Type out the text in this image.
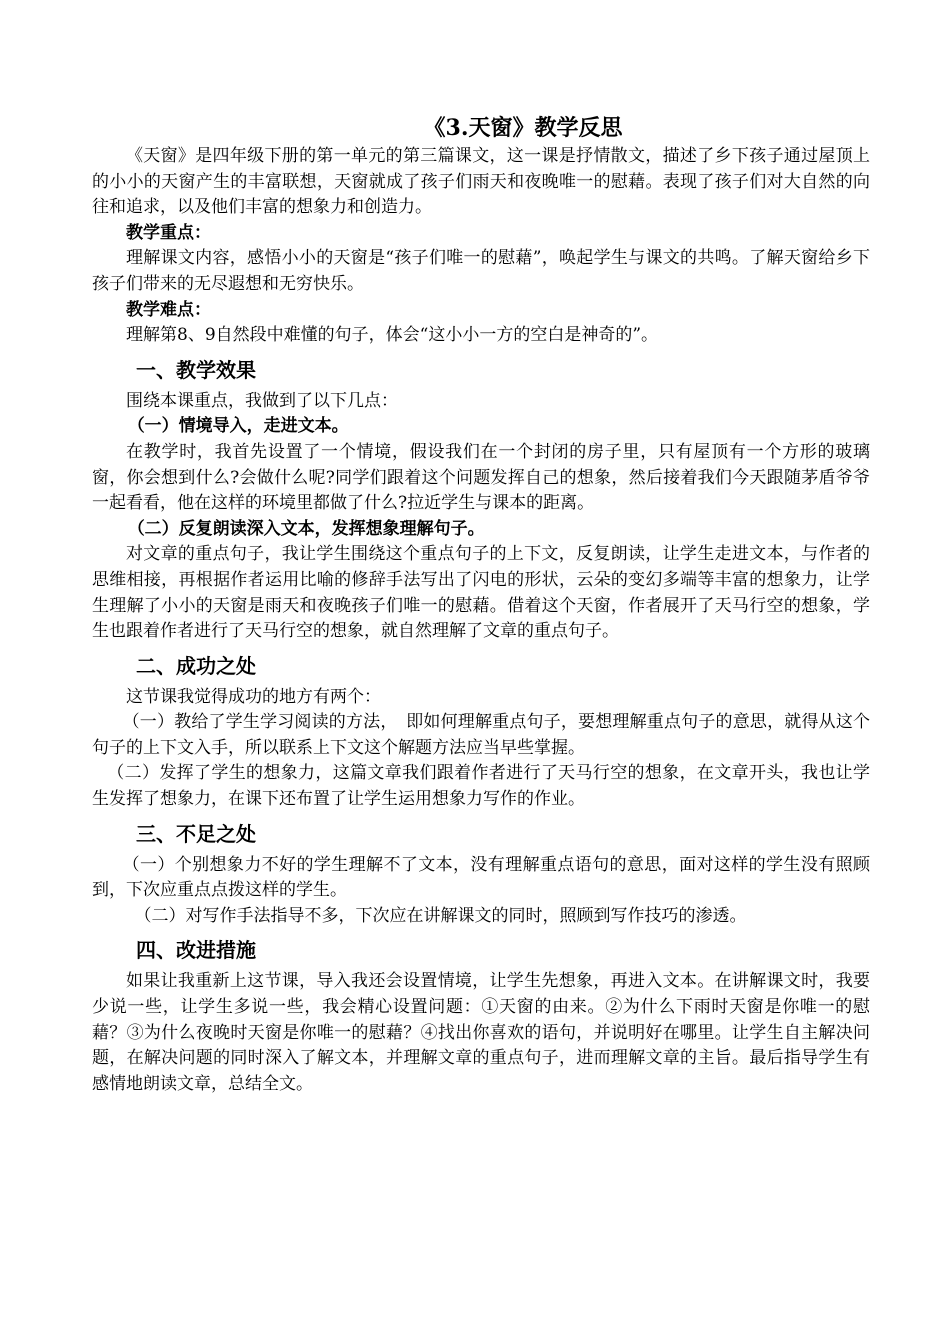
《3.天窗》教学反思

《天窗》是四年级下册的第一单元的第三篇课文，这一课是抒情散文，描述了乡下孩子通过屋顶上的小小的天窗产生的丰富联想，天窗就成了孩子们雨天和夜晚唯一的慰藉。表现了孩子们对大自然的向往和追求，以及他们丰富的想象力和创造力。

教学重点：

理解课文内容，感悟小小的天窗是“孩子们唯一的慰藉”，唤起学生与课文的共鸣。了解天窗给乡下孩子们带来的无尽遐想和无穷快乐。

教学难点：

理解第8、9自然段中难懂的句子，体会“这小小一方的空白是神奇的”。

一、教学效果

围绕本课重点，我做到了以下几点：

（一）情境导入，走进文本。

在教学时，我首先设置了一个情境，假设我们在一个封闭的房子里，只有屋顶有一个方形的玻璃窗，你会想到什么?会做什么呢?同学们跟着这个问题发挥自己的想象，然后接着我们今天跟随茅盾爷爷一起看看，他在这样的环境里都做了什么?拉近学生与课本的距离。

（二）反复朗读深入文本，发挥想象理解句子。

对文章的重点句子，我让学生围绕这个重点句子的上下文，反复朗读，让学生走进文本，与作者的思维相接，再根据作者运用比喻的修辞手法写出了闪电的形状，云朵的变幻多端等丰富的想象力，让学生理解了小小的天窗是雨天和夜晚孩子们唯一的慰藉。借着这个天窗，作者展开了天马行空的想象，学生也跟着作者进行了天马行空的想象，就自然理解了文章的重点句子。

二、成功之处

这节课我觉得成功的地方有两个：

（一）教给了学生学习阅读的方法，　即如何理解重点句子，要想理解重点句子的意思，就得从这个句子的上下文入手，所以联系上下文这个解题方法应当早些掌握。

（二）发挥了学生的想象力，这篇文章我们跟着作者进行了天马行空的想象，在文章开头，我也让学生发挥了想象力，在课下还布置了让学生运用想象力写作的作业。

三、不足之处

（一）个别想象力不好的学生理解不了文本，没有理解重点语句的意思，面对这样的学生没有照顾到，下次应重点点拨这样的学生。

（二）对写作手法指导不多，下次应在讲解课文的同时，照顾到写作技巧的渗透。

四、改进措施

如果让我重新上这节课，导入我还会设置情境，让学生先想象，再进入文本。在讲解课文时，我要少说一些，让学生多说一些，我会精心设置问题：①天窗的由来。②为什么下雨时天窗是你唯一的慰藉？③为什么夜晚时天窗是你唯一的慰藉？④找出你喜欢的语句，并说明好在哪里。让学生自主解决问题，在解决问题的同时深入了解文本，并理解文章的重点句子，进而理解文章的主旨。最后指导学生有感情地朗读文章，总结全文。
